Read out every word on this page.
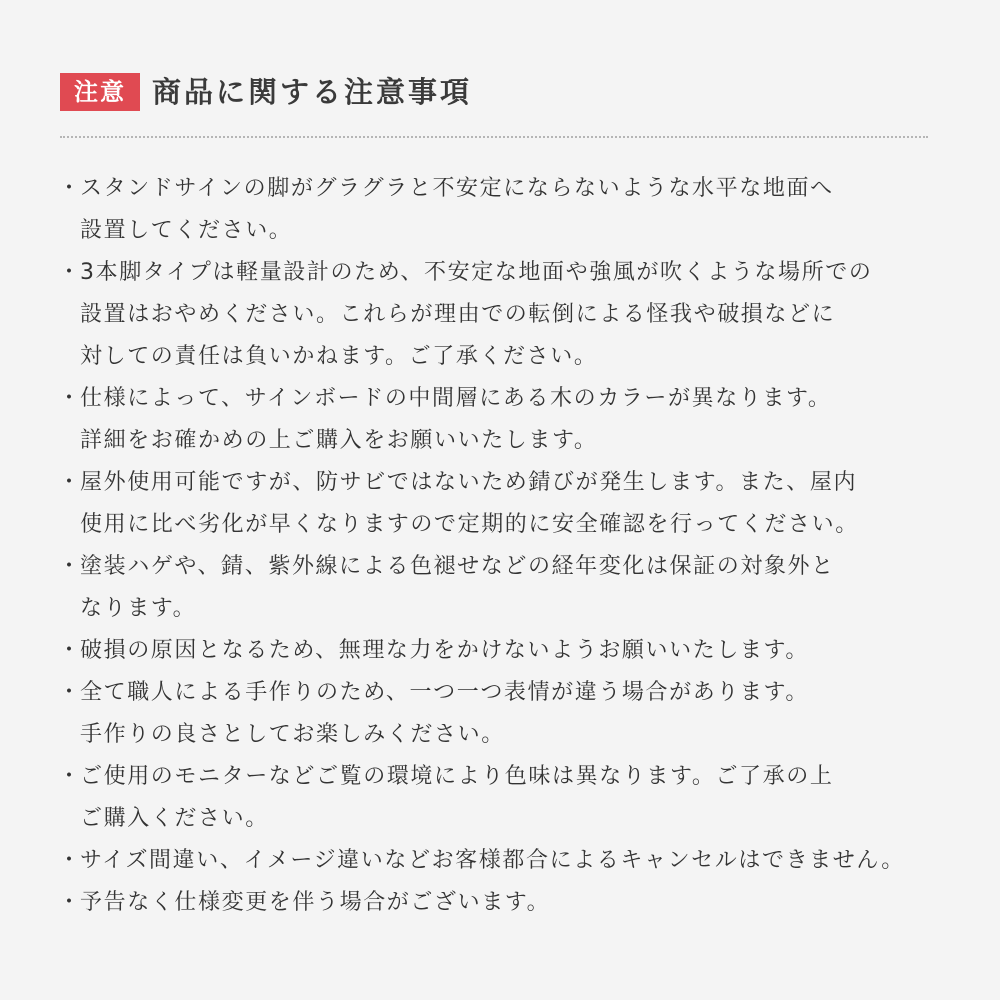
注意 商品に関する注意事項
・
スタンドサインの脚がグラグラと不安定にならないような水平な地面へ
設置してください。
・
3本脚タイプは軽量設計のため、不安定な地面や強風が吹くような場所での
設置はおやめください。これらが理由での転倒による怪我や破損などに
対しての責任は負いかねます。ご了承ください。
・
仕様によって、サインボードの中間層にある木のカラーが異なります。
詳細をお確かめの上ご購入をお願いいたします。
・
屋外使用可能ですが、防サビではないため錆びが発生します。また、屋内
使用に比べ劣化が早くなりますので定期的に安全確認を行ってください。
・
塗装ハゲや、錆、紫外線による色褪せなどの経年変化は保証の対象外と
なります。
・
破損の原因となるため、無理な力をかけないようお願いいたします。
・
全て職人による手作りのため、一つ一つ表情が違う場合があります。
手作りの良さとしてお楽しみください。
・
ご使用のモニターなどご覧の環境により色味は異なります。ご了承の上
ご購入ください。
・
サイズ間違い、イメージ違いなどお客様都合によるキャンセルはできません。
・
予告なく仕様変更を伴う場合がございます。
